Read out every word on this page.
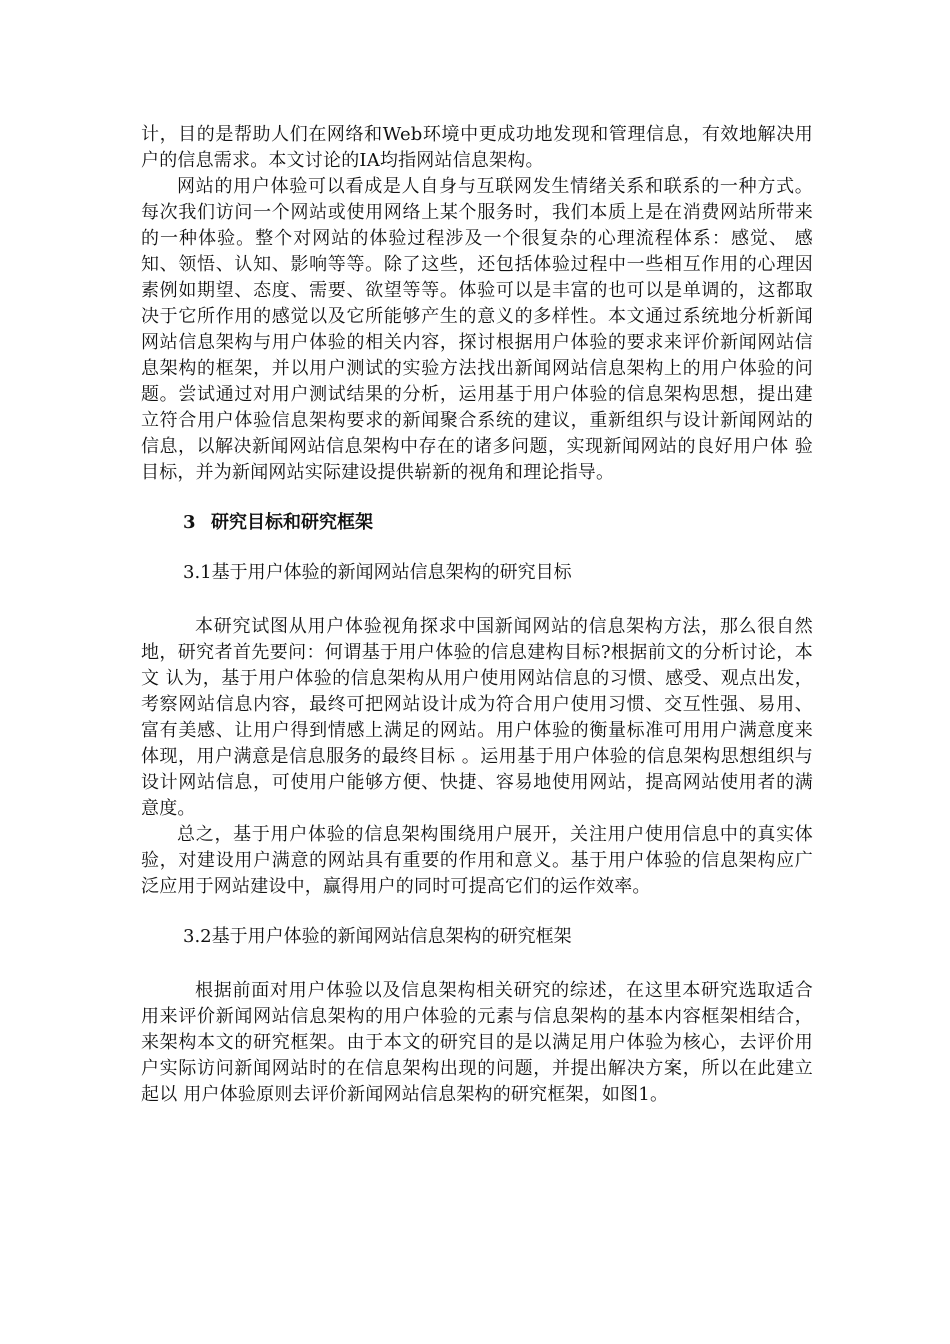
计，目的是帮助人们在网络和Web环境中更成功地发现和管理信息，有效地解决用户的信息需求。本文讨论的IA均指网站信息架构。

网站的用户体验可以看成是人自身与互联网发生情绪关系和联系的一种方式。每次我们访问一个网站或使用网络上某个服务时，我们本质上是在消费网站所带来的一种体验。整个对网站的体验过程涉及一个很复杂的心理流程体系：感觉、 感知、领悟、认知、影响等等。除了这些，还包括体验过程中一些相互作用的心理因素例如期望、态度、需要、欲望等等。体验可以是丰富的也可以是单调的，这都取决于它所作用的感觉以及它所能够产生的意义的多样性。本文通过系统地分析新闻网站信息架构与用户体验的相关内容，探讨根据用户体验的要求来评价新闻网站信息架构的框架，并以用户测试的实验方法找出新闻网站信息架构上的用户体验的问题。尝试通过对用户测试结果的分析，运用基于用户体验的信息架构思想，提出建立符合用户体验信息架构要求的新闻聚合系统的建议，重新组织与设计新闻网站的信息，以解决新闻网站信息架构中存在的诸多问题，实现新闻网站的良好用户体 验目标，并为新闻网站实际建设提供崭新的视角和理论指导。

3 研究目标和研究框架

3.1基于用户体验的新闻网站信息架构的研究目标

本研究试图从用户体验视角探求中国新闻网站的信息架构方法，那么很自然地，研究者首先要问：何谓基于用户体验的信息建构目标?根据前文的分析讨论，本文 认为，基于用户体验的信息架构从用户使用网站信息的习惯、感受、观点出发，考察网站信息内容，最终可把网站设计成为符合用户使用习惯、交互性强、易用、富有美感、让用户得到情感上满足的网站。用户体验的衡量标准可用用户满意度来体现，用户满意是信息服务的最终目标 。运用基于用户体验的信息架构思想组织与设计网站信息，可使用户能够方便、快捷、容易地使用网站，提高网站使用者的满意度。

总之，基于用户体验的信息架构围绕用户展开，关注用户使用信息中的真实体验，对建设用户满意的网站具有重要的作用和意义。基于用户体验的信息架构应广泛应用于网站建设中，赢得用户的同时可提高它们的运作效率。

3.2基于用户体验的新闻网站信息架构的研究框架

根据前面对用户体验以及信息架构相关研究的综述，在这里本研究选取适合用来评价新闻网站信息架构的用户体验的元素与信息架构的基本内容框架相结合，来架构本文的研究框架。由于本文的研究目的是以满足用户体验为核心，去评价用户实际访问新闻网站时的在信息架构出现的问题，并提出解决方案，所以在此建立起以 用户体验原则去评价新闻网站信息架构的研究框架，如图1。
